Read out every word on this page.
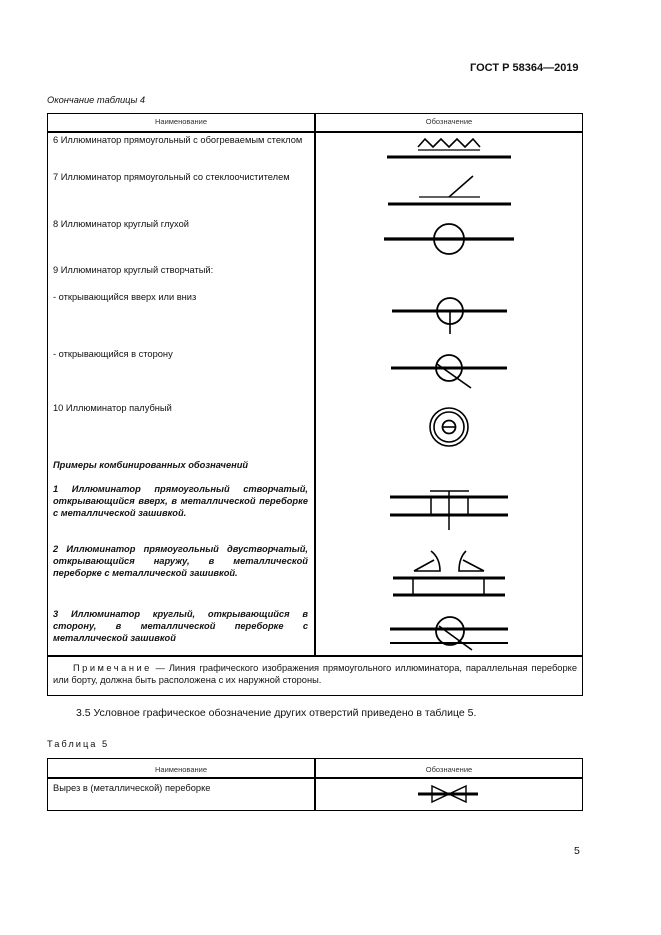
ГОСТ Р 58364—2019
Окончание таблицы 4
Наименование	Обозначение
6 Иллюминатор прямоугольный с обогреваемым стеклом
7 Иллюминатор прямоугольный со стеклоочистителем
8 Иллюминатор круглый глухой
9 Иллюминатор круглый створчатый:
- открывающийся вверх или вниз
- открывающийся в сторону
10 Иллюминатор палубный
Примеры комбинированных обозначений
1 Иллюминатор прямоугольный створчатый, открывающийся вверх, в металлической переборке с металлической зашивкой.
2 Иллюминатор прямоугольный двустворчатый, открывающийся наружу, в металлической переборке с металлической зашивкой.
3 Иллюминатор круглый, открывающийся в сторону, в металлической переборке с металлической зашивкой
Примечание — Линия графического изображения прямоугольного иллюминатора, параллельная переборке или борту, должна быть расположена с их наружной стороны.
3.5 Условное графическое обозначение других отверстий приведено в таблице 5.
Таблица 5
Наименование	Обозначение
Вырез в (металлической) переборке
5
